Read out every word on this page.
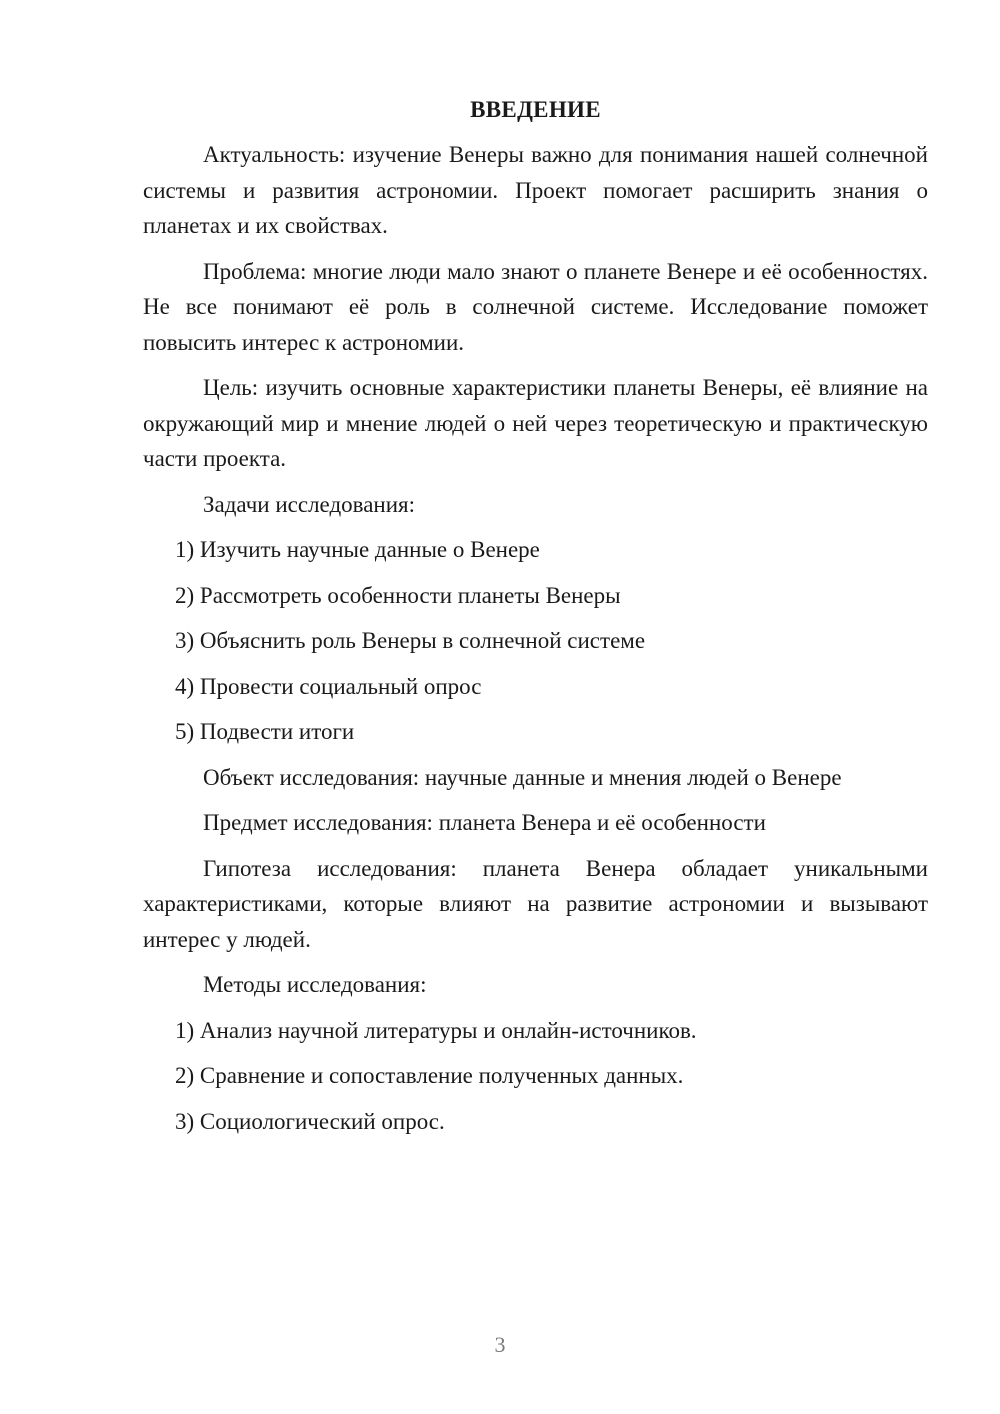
ВВЕДЕНИЕ

Актуальность: изучение Венеры важно для понимания нашей солнечной системы и развития астрономии. Проект помогает расширить знания о планетах и их свойствах.

Проблема: многие люди мало знают о планете Венере и её особенностях. Не все понимают её роль в солнечной системе. Исследование поможет повысить интерес к астрономии.

Цель: изучить основные характеристики планеты Венеры, её влияние на окружающий мир и мнение людей о ней через теоретическую и практическую части проекта.

Задачи исследования:

1) Изучить научные данные о Венере

2) Рассмотреть особенности планеты Венеры

3) Объяснить роль Венеры в солнечной системе

4) Провести социальный опрос

5) Подвести итоги

Объект исследования: научные данные и мнения людей о Венере

Предмет исследования: планета Венера и её особенности

Гипотеза исследования: планета Венера обладает уникальными характеристиками, которые влияют на развитие астрономии и вызывают интерес у людей.

Методы исследования:

1) Анализ научной литературы и онлайн-источников.

2) Сравнение и сопоставление полученных данных.

3) Социологический опрос.

3
